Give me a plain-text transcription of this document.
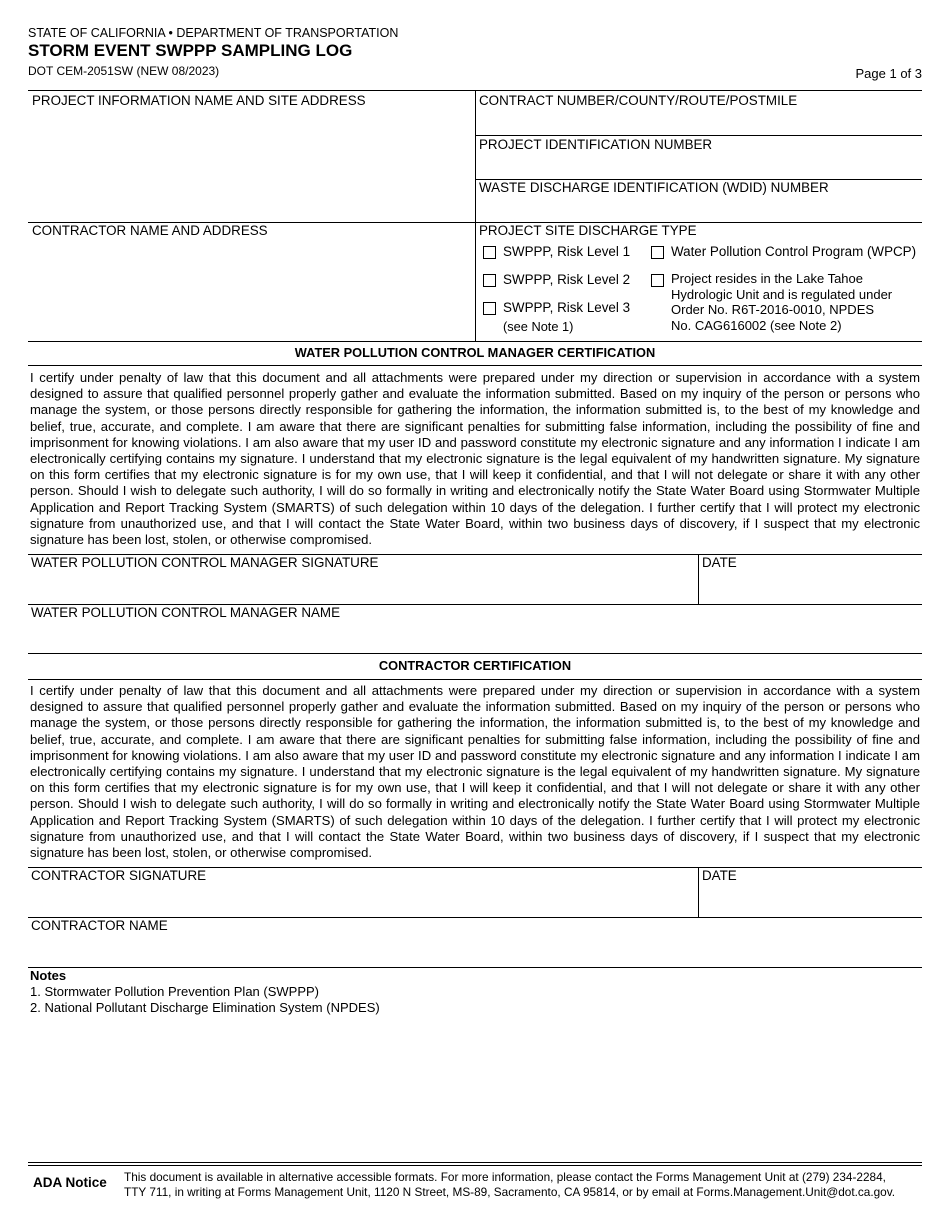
STATE OF CALIFORNIA • DEPARTMENT OF TRANSPORTATION
STORM EVENT SWPPP SAMPLING LOG
DOT CEM-2051SW (NEW 08/2023)	Page 1 of 3
PROJECT INFORMATION NAME AND SITE ADDRESS	CONTRACT NUMBER/COUNTY/ROUTE/POSTMILE
PROJECT IDENTIFICATION NUMBER
WASTE DISCHARGE IDENTIFICATION (WDID) NUMBER
CONTRACTOR NAME AND ADDRESS	PROJECT SITE DISCHARGE TYPE
SWPPP, Risk Level 1
SWPPP, Risk Level 2
SWPPP, Risk Level 3
(see Note 1)
Water Pollution Control Program (WPCP)
Project resides in the Lake Tahoe
Hydrologic Unit and is regulated under
Order No. R6T-2016-0010, NPDES
No. CAG616002 (see Note 2)
WATER POLLUTION CONTROL MANAGER CERTIFICATION
I certify under penalty of law that this document and all attachments were prepared under my direction or supervision in accordance with a system designed to assure that qualified personnel properly gather and evaluate the information submitted. Based on my inquiry of the person or persons who manage the system, or those persons directly responsible for gathering the information, the information submitted is, to the best of my knowledge and belief, true, accurate, and complete. I am aware that there are significant penalties for submitting false information, including the possibility of fine and imprisonment for knowing violations. I am also aware that my user ID and password constitute my electronic signature and any information I indicate I am electronically certifying contains my signature. I understand that my electronic signature is the legal equivalent of my handwritten signature. My signature on this form certifies that my electronic signature is for my own use, that I will keep it confidential, and that I will not delegate or share it with any other person. Should I wish to delegate such authority, I will do so formally in writing and electronically notify the State Water Board using Stormwater Multiple Application and Report Tracking System (SMARTS) of such delegation within 10 days of the delegation. I further certify that I will protect my electronic signature from unauthorized use, and that I will contact the State Water Board, within two business days of discovery, if I suspect that my electronic signature has been lost, stolen, or otherwise compromised.
WATER POLLUTION CONTROL MANAGER SIGNATURE	DATE
WATER POLLUTION CONTROL MANAGER NAME
CONTRACTOR CERTIFICATION
I certify under penalty of law that this document and all attachments were prepared under my direction or supervision in accordance with a system designed to assure that qualified personnel properly gather and evaluate the information submitted. Based on my inquiry of the person or persons who manage the system, or those persons directly responsible for gathering the information, the information submitted is, to the best of my knowledge and belief, true, accurate, and complete. I am aware that there are significant penalties for submitting false information, including the possibility of fine and imprisonment for knowing violations. I am also aware that my user ID and password constitute my electronic signature and any information I indicate I am electronically certifying contains my signature. I understand that my electronic signature is the legal equivalent of my handwritten signature. My signature on this form certifies that my electronic signature is for my own use, that I will keep it confidential, and that I will not delegate or share it with any other person. Should I wish to delegate such authority, I will do so formally in writing and electronically notify the State Water Board using Stormwater Multiple Application and Report Tracking System (SMARTS) of such delegation within 10 days of the delegation. I further certify that I will protect my electronic signature from unauthorized use, and that I will contact the State Water Board, within two business days of discovery, if I suspect that my electronic signature has been lost, stolen, or otherwise compromised.
CONTRACTOR SIGNATURE	DATE
CONTRACTOR NAME
Notes
1. Stormwater Pollution Prevention Plan (SWPPP)
2. National Pollutant Discharge Elimination System (NPDES)
ADA Notice This document is available in alternative accessible formats. For more information, please contact the Forms Management Unit at (279) 234-2284,
TTY 711, in writing at Forms Management Unit, 1120 N Street, MS-89, Sacramento, CA 95814, or by email at Forms.Management.Unit@dot.ca.gov.
